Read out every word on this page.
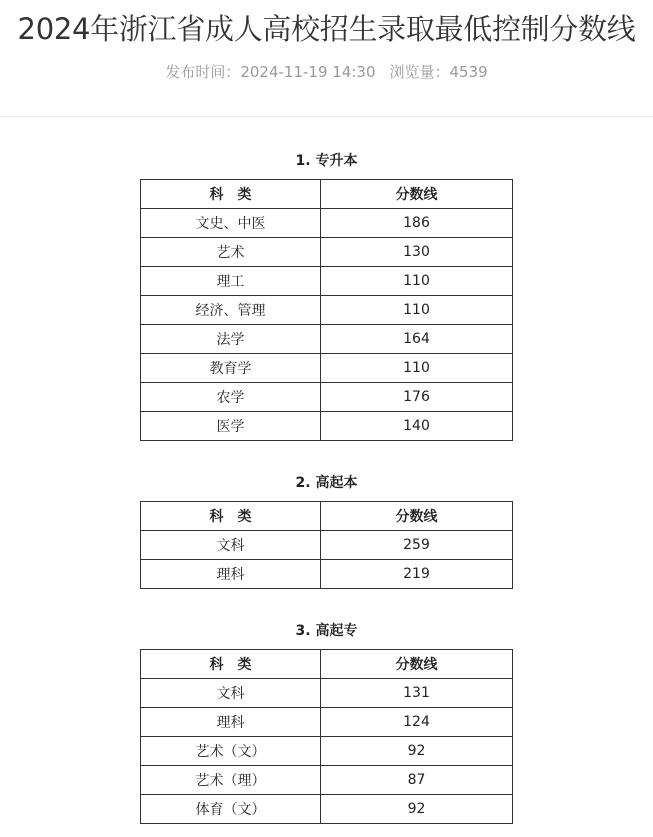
2024年浙江省成人高校招生录取最低控制分数线
发布时间：2024-11-19 14:30 浏览量：4539
1. 专升本
科　类	分数线
文史、中医	186
艺术	130
理工	110
经济、管理	110
法学	164
教育学	110
农学	176
医学	140
2. 高起本
科　类	分数线
文科	259
理科	219
3. 高起专
科　类	分数线
文科	131
理科	124
艺术（文）	92
艺术（理）	87
体育（文）	92
